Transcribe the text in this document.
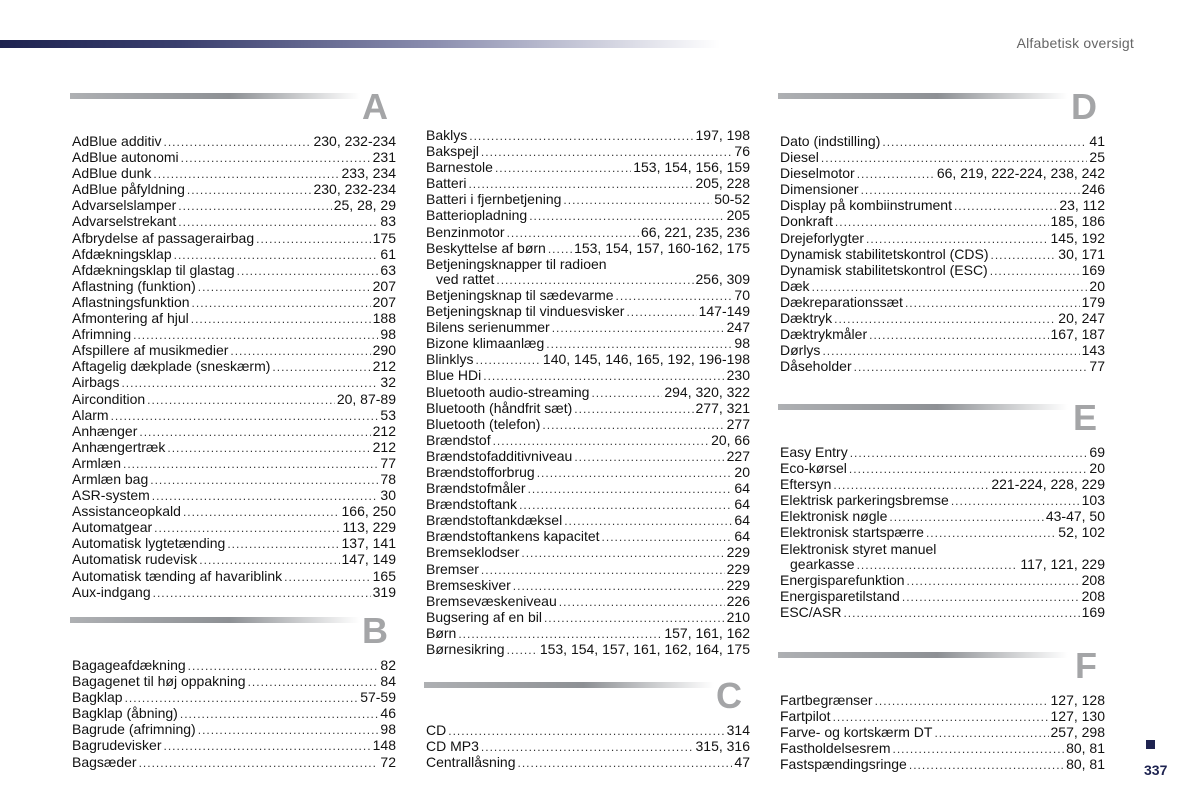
Alfabetisk oversigt
A
AdBlue additiv .....	230, 232-234
AdBlue autonomi .....	231
AdBlue dunk .....	233, 234
AdBlue påfyldning .....	230, 232-234
Advarselslamper .....	25, 28, 29
Advarselstrekant .....	83
Afbrydelse af passagerairbag .....	175
Afdækningsklap .....	61
Afdækningsklap til glastag .....	63
Aflastning (funktion) .....	207
Aflastningsfunktion .....	207
Afmontering af hjul .....	188
Afrimning .....	98
Afspillere af musikmedier .....	290
Aftagelig dækplade (sneskærm) .....	212
Airbags .....	32
Aircondition .....	20, 87-89
Alarm .....	53
Anhænger .....	212
Anhængertræk .....	212
Armlæn .....	77
Armlæn bag .....	78
ASR-system .....	30
Assistanceopkald .....	166, 250
Automatgear .....	113, 229
Automatisk lygtetænding .....	137, 141
Automatisk rudevisk .....	147, 149
Automatisk tænding af havariblink .....	165
Aux-indgang .....	319
B
Bagageafdækning .....	82
Bagagenet til høj oppakning .....	84
Bagklap .....	57-59
Bagklap (åbning) .....	46
Bagrude (afrimning) .....	98
Bagrudevisker .....	148
Bagsæder .....	72
Baklys .....	197, 198
Bakspejl .....	76
Barnestole .....	153, 154, 156, 159
Batteri .....	205, 228
Batteri i fjernbetjening .....	50-52
Batteriopladning .....	205
Benzinmotor .....	66, 221, 235, 236
Beskyttelse af børn ..... 153, 154, 157, 160-162, 175
Betjeningsknapper til radioen
ved rattet .....	256, 309
Betjeningsknap til sædevarme .....	70
Betjeningsknap til vinduesvisker .....	147-149
Bilens serienummer .....	247
Bizone klimaanlæg .....	98
Blinklys .....	140, 145, 146, 165, 192, 196-198
Blue HDi .....	230
Bluetooth audio-streaming .....	294, 320, 322
Bluetooth (håndfrit sæt) .....	277, 321
Bluetooth (telefon) .....	277
Brændstof .....	20, 66
Brændstofadditivniveau .....	227
Brændstofforbrug .....	20
Brændstofmåler .....	64
Brændstoftank .....	64
Brændstoftankdæksel .....	64
Brændstoftankens kapacitet .....	64
Bremseklodser .....	229
Bremser .....	229
Bremseskiver .....	229
Bremsevæskeniveau .....	226
Bugsering af en bil .....	210
Børn .....	157, 161, 162
Børnesikring .....	153, 154, 157, 161, 162, 164, 175
C
CD .....	314
CD MP3 .....	315, 316
Centrallåsning .....	47
D
Dato (indstilling) .....	41
Diesel .....	25
Dieselmotor .....	66, 219, 222-224, 238, 242
Dimensioner .....	246
Display på kombiinstrument .....	23, 112
Donkraft .....	185, 186
Drejeforlygter .....	145, 192
Dynamisk stabilitetskontrol (CDS) .....	30, 171
Dynamisk stabilitetskontrol (ESC) .....	169
Dæk .....	20
Dækreparationssæt .....	179
Dæktryk .....	20, 247
Dæktrykmåler .....	167, 187
Dørlys .....	143
Dåseholder .....	77
E
Easy Entry .....	69
Eco-kørsel .....	20
Eftersyn .....	221-224, 228, 229
Elektrisk parkeringsbremse .....	103
Elektronisk nøgle .....	43-47, 50
Elektronisk startspærre .....	52, 102
Elektronisk styret manuel
gearkasse .....	117, 121, 229
Energisparefunktion .....	208
Energisparetilstand .....	208
ESC/ASR .....	169
F
Fartbegrænser .....	127, 128
Fartpilot .....	127, 130
Farve- og kortskærm DT .....	257, 298
Fastholdelsesrem .....	80, 81
Fastspændingsringe .....	80, 81	337
